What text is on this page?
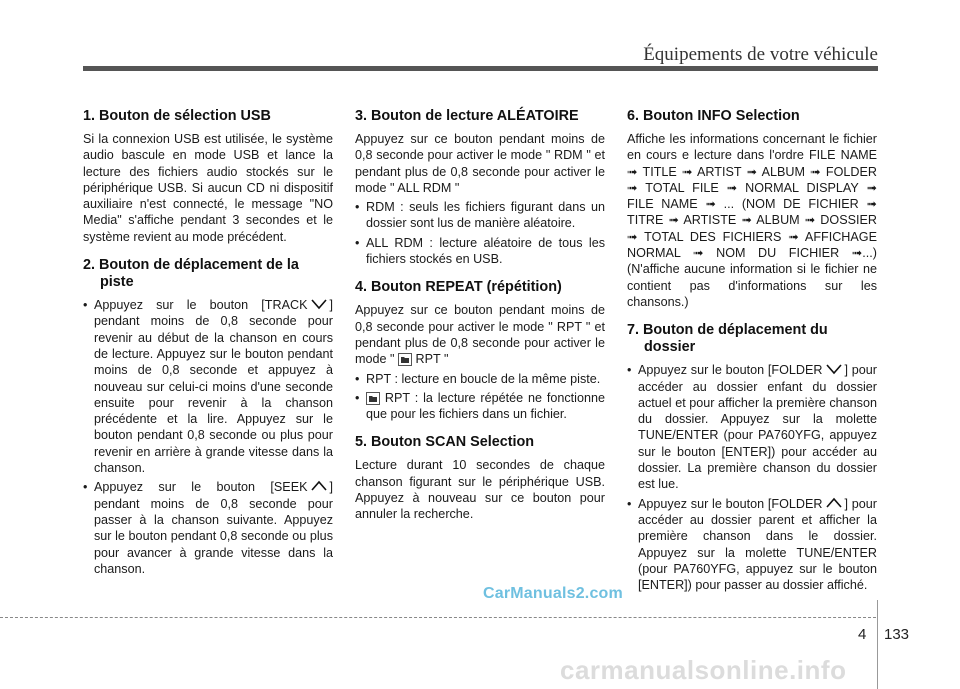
Équipements de votre véhicule
1. Bouton de sélection USB

Si la connexion USB est utilisée, le système audio bascule en mode USB et lance la lecture des fichiers audio stockés sur le périphérique USB. Si aucun CD ni dispositif auxiliaire n'est connecté, le message "NO Media" s'affiche pendant 3 secondes et le système revient au mode précédent.

2. Bouton de déplacement de la
piste
• Appuyez sur le bouton [TRACK ] pendant moins de 0,8 seconde pour revenir au début de la chanson en cours de lecture. Appuyez sur le bouton pendant moins de 0,8 seconde et appuyez à nouveau sur celui-ci moins d'une seconde ensuite pour revenir à la chanson précédente et la lire. Appuyez sur le bouton pendant 0,8 seconde ou plus pour revenir en arrière à grande vitesse dans la chanson.
• Appuyez sur le bouton [SEEK ] pendant moins de 0,8 seconde pour passer à la chanson suivante. Appuyez sur le bouton pendant 0,8 seconde ou plus pour avancer à grande vitesse dans la chanson.
3. Bouton de lecture ALÉATOIRE

Appuyez sur ce bouton pendant moins de 0,8 seconde pour activer le mode " RDM " et pendant plus de 0,8 seconde pour activer le mode " ALL RDM "

• RDM : seuls les fichiers figurant dans un dossier sont lus de manière aléatoire.
• ALL RDM : lecture aléatoire de tous les fichiers stockés en USB.
4. Bouton REPEAT (répétition)

Appuyez sur ce bouton pendant moins de 0,8 seconde pour activer le mode " RPT " et pendant plus de 0,8 seconde pour activer le mode " RPT "

• RPT : lecture en boucle de la même piste.
• RPT : la lecture répétée ne fonctionne que pour les fichiers dans un fichier.
5. Bouton SCAN Selection

Lecture durant 10 secondes de chaque chanson figurant sur le périphérique USB. Appuyez à nouveau sur ce bouton pour annuler la recherche.

6. Bouton INFO Selection

Affiche les informations concernant le fichier en cours e lecture dans l'ordre FILE NAME ➟ TITLE ➟ ARTIST ➟ ALBUM ➟ FOLDER ➟ TOTAL FILE ➟ NORMAL DISPLAY ➟ FILE NAME ➟ ... (NOM DE FICHIER ➟ TITRE ➟ ARTISTE ➟ ALBUM ➟ DOSSIER ➟ TOTAL DES FICHIERS ➟ AFFICHAGE NORMAL ➟ NOM DU FICHIER ➟...) (N'affiche aucune information si le fichier ne contient pas d'informations sur les chansons.)

7. Bouton de déplacement du
dossier
• Appuyez sur le bouton [FOLDER ] pour accéder au dossier enfant du dossier actuel et pour afficher la première chanson du dossier. Appuyez sur la molette TUNE/ENTER (pour PA760YFG, appuyez sur le bouton [ENTER]) pour accéder au dossier. La première chanson du dossier est lue.
• Appuyez sur le bouton [FOLDER ] pour accéder au dossier parent et afficher la première chanson dans le dossier. Appuyez sur la molette TUNE/ENTER (pour PA760YFG, appuyez sur le bouton [ENTER]) pour passer au dossier affiché.
CarManuals2.com
4 133
carmanualsonline.info
